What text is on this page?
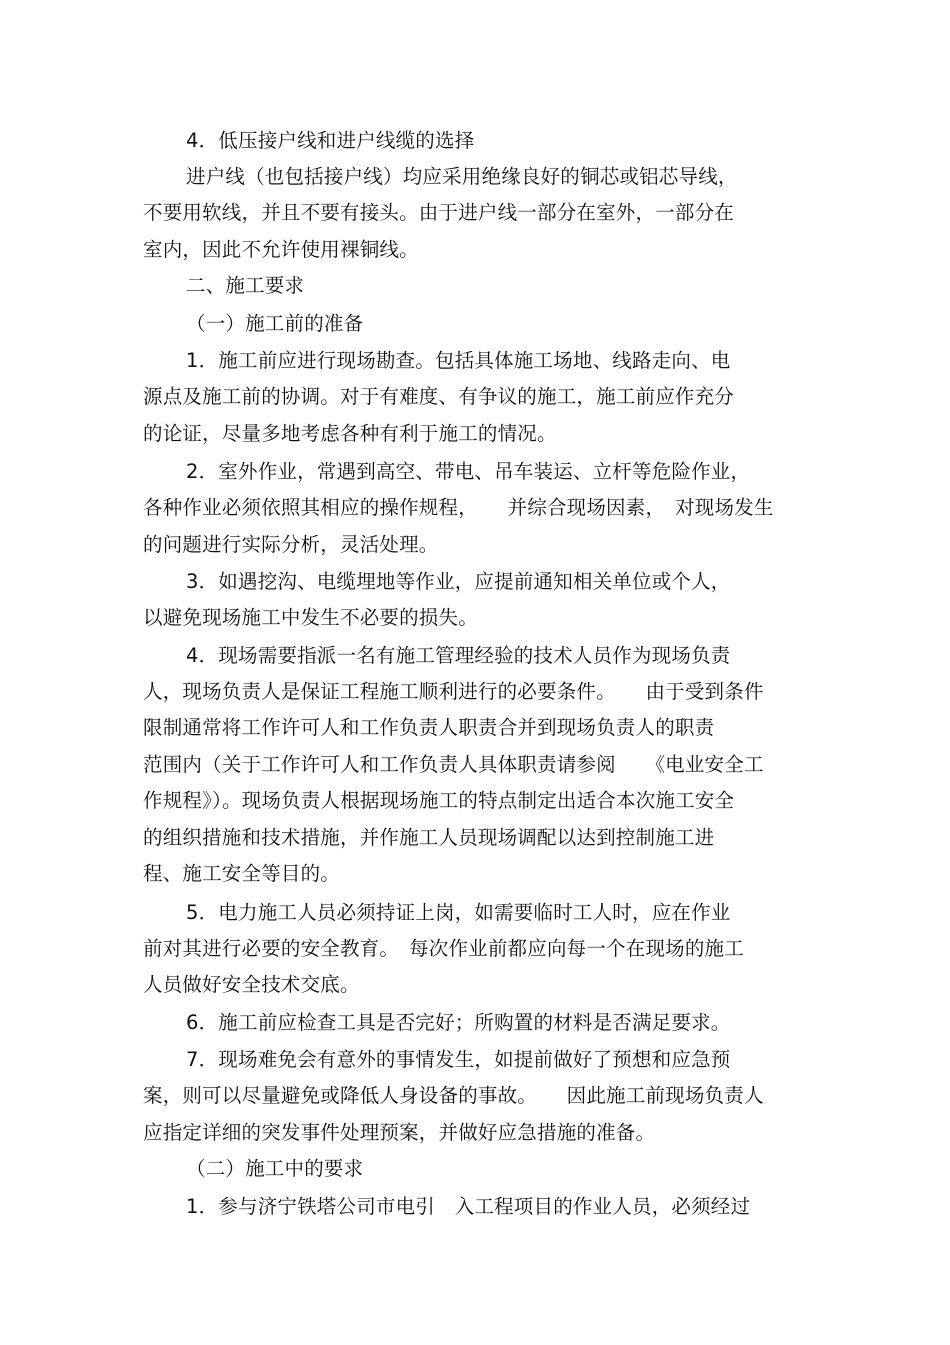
4．低压接户线和进户线缆的选择
进户线（也包括接户线）均应采用绝缘良好的铜芯或铝芯导线，
不要用软线，并且不要有接头。由于进户线一部分在室外，一部分在
室内，因此不允许使用裸铜线。
二、施工要求
（一）施工前的准备
1．施工前应进行现场勘查。包括具体施工场地、线路走向、电
源点及施工前的协调。对于有难度、有争议的施工，施工前应作充分
的论证，尽量多地考虑各种有利于施工的情况。
2．室外作业，常遇到高空、带电、吊车装运、立杆等危险作业，
各种作业必须依照其相应的操作规程，　　并综合现场因素，　对现场发生
的问题进行实际分析，灵活处理。
3．如遇挖沟、电缆埋地等作业，应提前通知相关单位或个人，
以避免现场施工中发生不必要的损失。
4．现场需要指派一名有施工管理经验的技术人员作为现场负责
人，现场负责人是保证工程施工顺利进行的必要条件。　　由于受到条件
限制通常将工作许可人和工作负责人职责合并到现场负责人的职责
范围内（关于工作许可人和工作负责人具体职责请参阅　　《电业安全工
作规程》）。现场负责人根据现场施工的特点制定出适合本次施工安全
的组织措施和技术措施，并作施工人员现场调配以达到控制施工进
程、施工安全等目的。
5．电力施工人员必须持证上岗，如需要临时工人时，应在作业
前对其进行必要的安全教育。　每次作业前都应向每一个在现场的施工
人员做好安全技术交底。
6．施工前应检查工具是否完好；所购置的材料是否满足要求。
7．现场难免会有意外的事情发生，如提前做好了预想和应急预
案，则可以尽量避免或降低人身设备的事故。　　因此施工前现场负责人
应指定详细的突发事件处理预案，并做好应急措施的准备。
（二）施工中的要求
1．参与济宁铁塔公司市电引　入工程项目的作业人员，必须经过
